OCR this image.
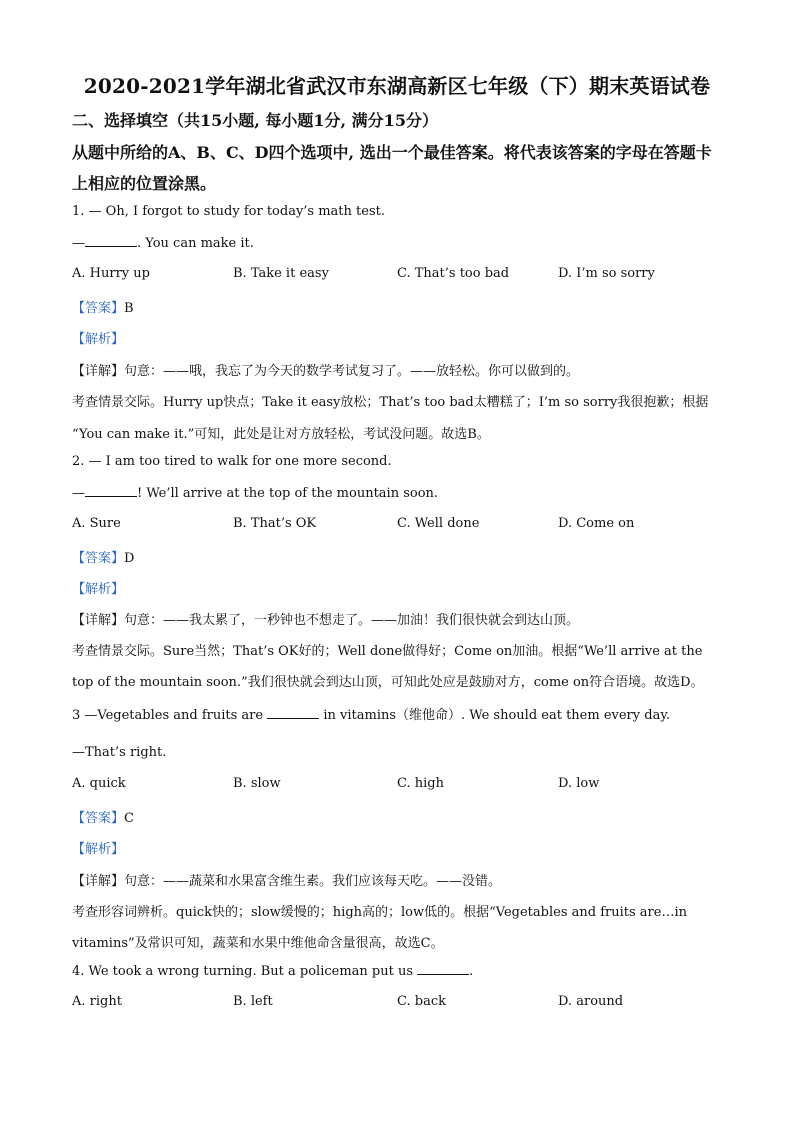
2020-2021学年湖北省武汉市东湖高新区七年级（下）期末英语试卷
二、选择填空（共15小题, 每小题1分, 满分15分）
从题中所给的A、B、C、D四个选项中, 选出一个最佳答案。将代表该答案的字母在答题卡
上相应的位置涂黑。
1. — Oh, I forgot to study for today’s math test.
—	. You can make it.
A. Hurry up	B. Take it easy	C. That’s too bad	D. I’m so sorry
【答案】B
【解析】
【详解】句意：——哦，我忘了为今天的数学考试复习了。——放轻松。你可以做到的。
考查情景交际。Hurry up快点；Take it easy放松；That’s too bad太糟糕了；I’m so sorry我很抱歉；根据
“You can make it.”可知，此处是让对方放轻松，考试没问题。故选B。
2. — I am too tired to walk for one more second.
—	! We’ll arrive at the top of the mountain soon.
A. Sure	B. That’s OK	C. Well done	D. Come on
【答案】D
【解析】
【详解】句意：——我太累了，一秒钟也不想走了。——加油！我们很快就会到达山顶。
考查情景交际。Sure当然；That’s OK好的；Well done做得好；Come on加油。根据“We’ll arrive at the
top of the mountain soon.”我们很快就会到达山顶，可知此处应是鼓励对方，come on符合语境。故选D。
3 —Vegetables and fruits are	in vitamins（维他命）. We should eat them every day.
—That’s right.
A. quick	B. slow	C. high	D. low
【答案】C
【解析】
【详解】句意：——蔬菜和水果富含维生素。我们应该每天吃。——没错。
考查形容词辨析。quick快的；slow缓慢的；high高的；low低的。根据“Vegetables and fruits are…in
vitamins”及常识可知，蔬菜和水果中维他命含量很高，故选C。
4. We took a wrong turning. But a policeman put us	.
A. right	B. left	C. back	D. around
